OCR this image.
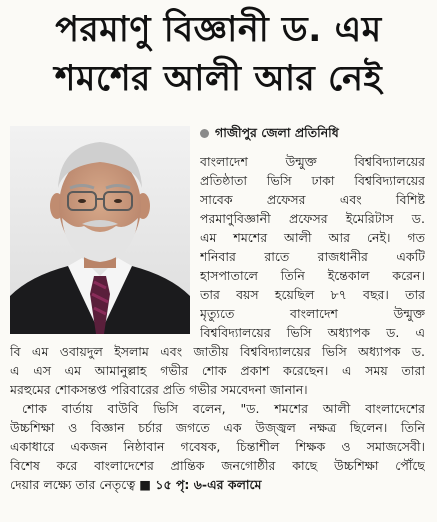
পরমাণু বিজ্ঞানী ড. এম
শমশের আলী আর নেই
গাজীপুর জেলা প্রতিনিধি
বাংলাদেশ উন্মুক্ত বিশ্ববিদ্যালয়ের
প্রতিষ্ঠাতা ভিসি ঢাকা বিশ্ববিদ্যালয়ের
সাবেক প্রফেসর এবং বিশিষ্ট
পরমাণুবিজ্ঞানী প্রফেসর ইমেরিটাস ড.
এম শমশের আলী আর নেই। গত
শনিবার রাতে রাজধানীর একটি
হাসপাতালে তিনি ইন্তেকাল করেন।
তার বয়স হয়েছিল ৮৭ বছর। তার
মৃত্যুতে বাংলাদেশ উন্মুক্ত
বিশ্ববিদ্যালয়ের ভিসি অধ্যাপক ড. এ
বি এম ওবায়দুল ইসলাম এবং জাতীয় বিশ্ববিদ্যালয়ের ভিসি অধ্যাপক ড.
এ এস এম আমানুল্লাহ গভীর শোক প্রকাশ করেছেন। এ সময় তারা
মরহুমের শোকসন্তপ্ত পরিবারের প্রতি গভীর সমবেদনা জানান।
শোক বার্তায় বাউবি ভিসি বলেন, "ড. শমশের আলী বাংলাদেশের
উচ্চশিক্ষা ও বিজ্ঞান চর্চার জগতে এক উজ্জ্বল নক্ষত্র ছিলেন। তিনি
একাধারে একজন নিষ্ঠাবান গবেষক, চিন্তাশীল শিক্ষক ও সমাজসেবী।
বিশেষ করে বাংলাদেশের প্রান্তিক জনগোষ্ঠীর কাছে উচ্চশিক্ষা পৌঁছে
দেয়ার লক্ষ্যে তার নেতৃত্বে ■ ১৫ পৃ: ৬-এর কলামে
